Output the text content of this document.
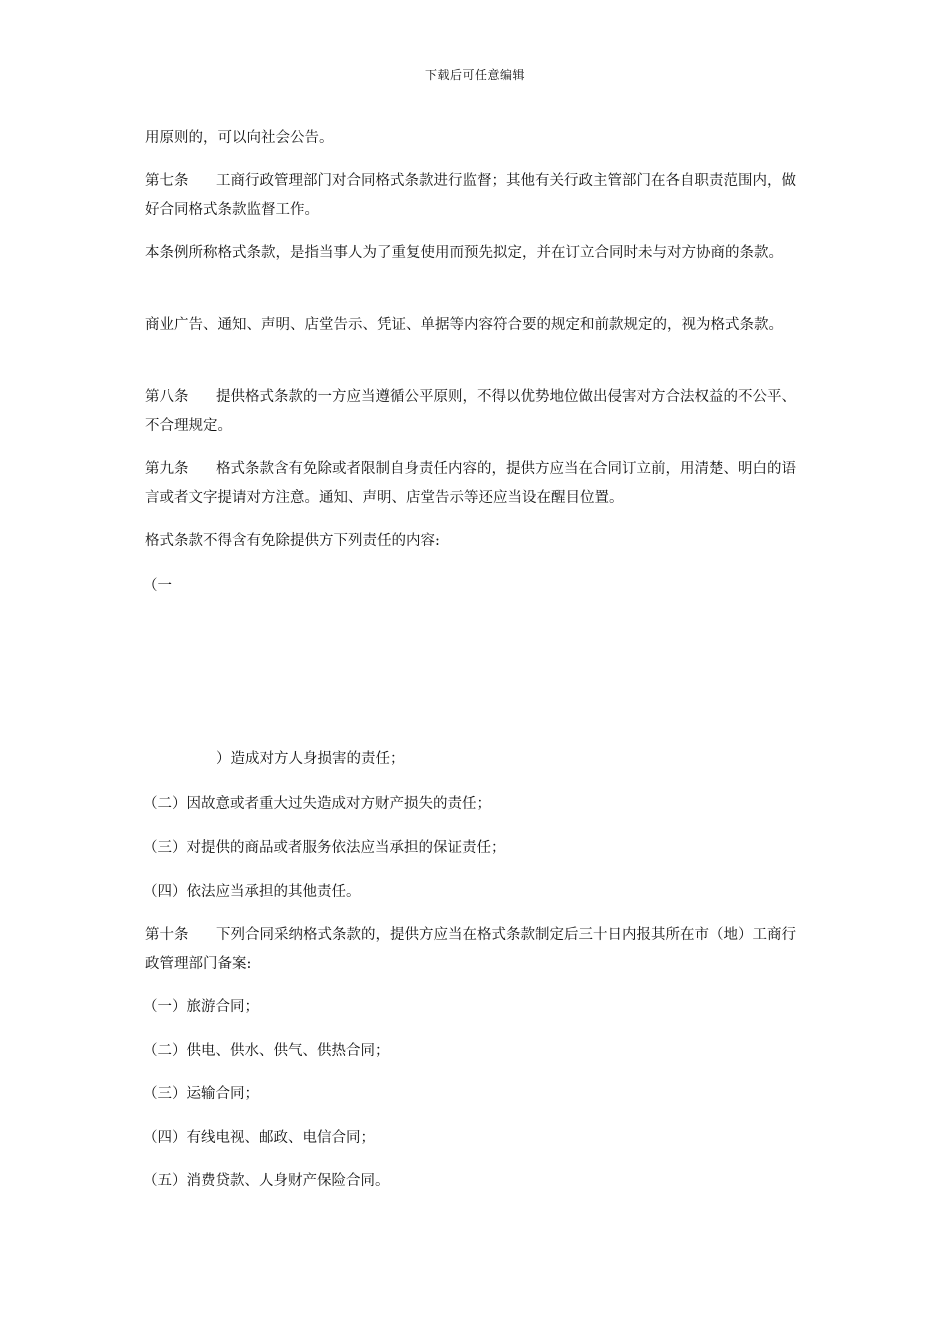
下载后可任意编辑

用原则的，可以向社会公告。

第七条 工商行政管理部门对合同格式条款进行监督；其他有关行政主管部门在各自职责范围内，做好合同格式条款监督工作。

本条例所称格式条款，是指当事人为了重复使用而预先拟定，并在订立合同时未与对方协商的条款。

商业广告、通知、声明、店堂告示、凭证、单据等内容符合要的规定和前款规定的，视为格式条款。

第八条 提供格式条款的一方应当遵循公平原则，不得以优势地位做出侵害对方合法权益的不公平、不合理规定。

第九条 格式条款含有免除或者限制自身责任内容的，提供方应当在合同订立前，用清楚、明白的语言或者文字提请对方注意。通知、声明、店堂告示等还应当设在醒目位置。

格式条款不得含有免除提供方下列责任的内容:

（一

）造成对方人身损害的责任；

（二）因故意或者重大过失造成对方财产损失的责任；

（三）对提供的商品或者服务依法应当承担的保证责任；

（四）依法应当承担的其他责任。

第十条 下列合同采纳格式条款的，提供方应当在格式条款制定后三十日内报其所在市（地）工商行政管理部门备案:

（一）旅游合同；

（二）供电、供水、供气、供热合同；

（三）运输合同；

（四）有线电视、邮政、电信合同；

（五）消费贷款、人身财产保险合同。
